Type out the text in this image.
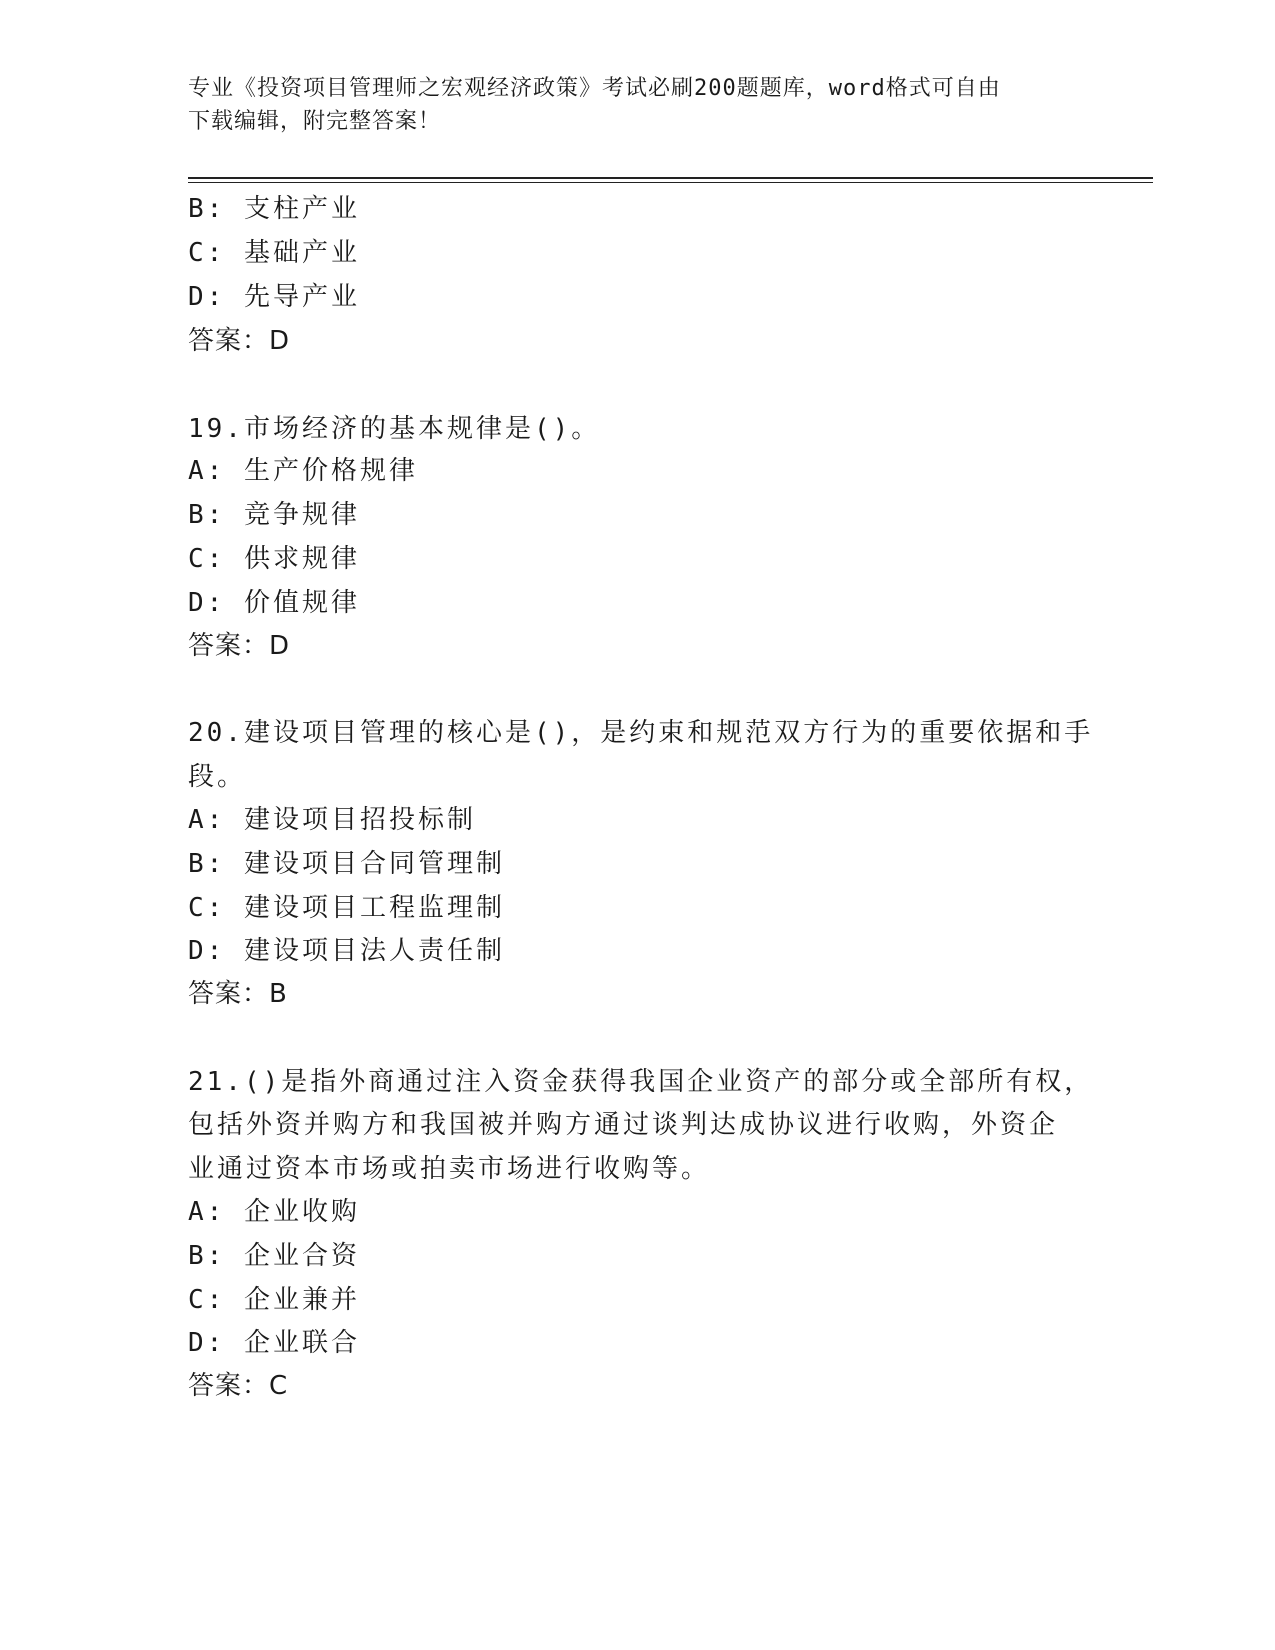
专业《投资项目管理师之宏观经济政策》考试必刷200题题库，word格式可自由
下载编辑，附完整答案！
B: 支柱产业
C: 基础产业
D: 先导产业
答案：D
19.市场经济的基本规律是()。
A: 生产价格规律
B: 竞争规律
C: 供求规律
D: 价值规律
答案：D
20.建设项目管理的核心是()，是约束和规范双方行为的重要依据和手
段。
A: 建设项目招投标制
B: 建设项目合同管理制
C: 建设项目工程监理制
D: 建设项目法人责任制
答案：B
21.()是指外商通过注入资金获得我国企业资产的部分或全部所有权，
包括外资并购方和我国被并购方通过谈判达成协议进行收购，外资企
业通过资本市场或拍卖市场进行收购等。
A: 企业收购
B: 企业合资
C: 企业兼并
D: 企业联合
答案：C
